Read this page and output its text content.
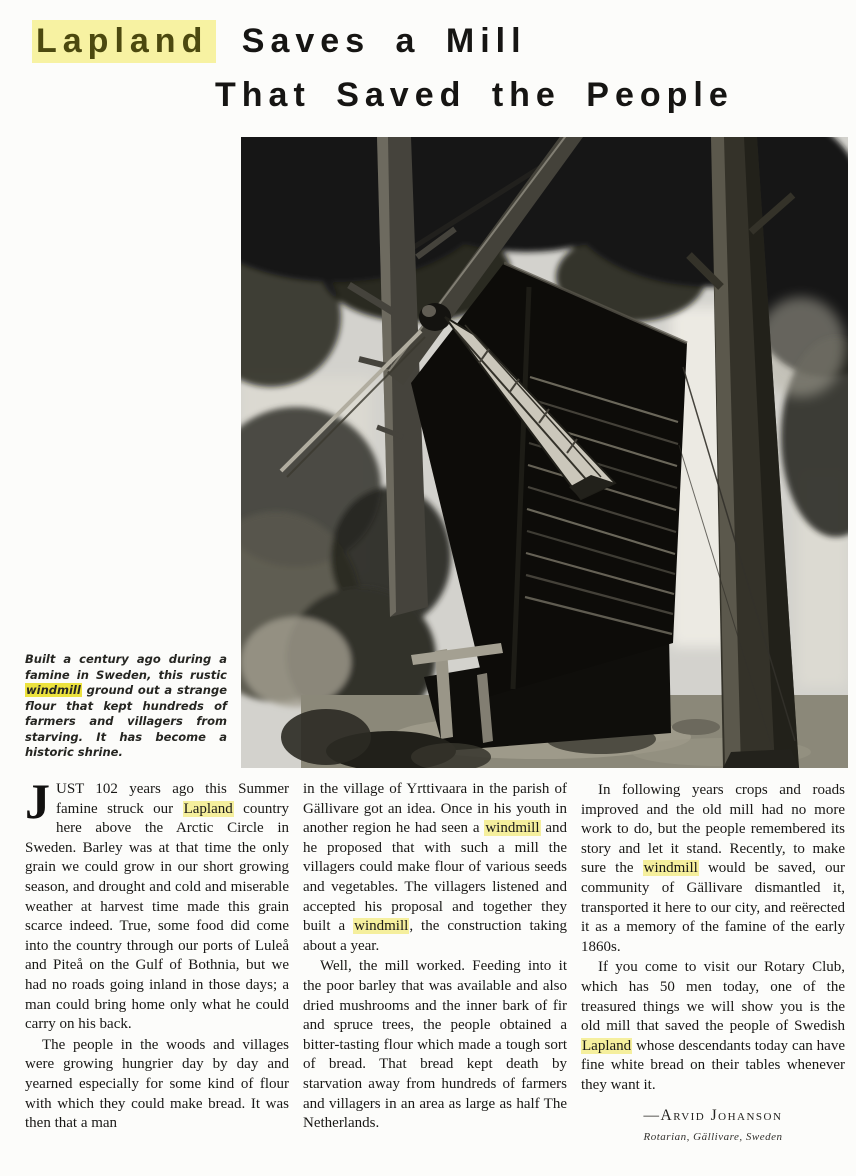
Lapland Saves a Mill
That Saved the People

Built a century ago during a famine in Sweden, this rustic windmill ground out a strange flour that kept hundreds of farmers and villagers from starving. It has become a historic shrine.

JUST 102 years ago this Summer famine struck our Lapland country here above the Arctic Circle in Sweden. Barley was at that time the only grain we could grow in our short growing season, and drought and cold and miserable weather at harvest time made this grain scarce indeed. True, some food did come into the country through our ports of Luleå and Piteå on the Gulf of Bothnia, but we had no roads going inland in those days; a man could bring home only what he could carry on his back.

The people in the woods and villages were growing hungrier day by day and yearned especially for some kind of flour with which they could make bread. It was then that a man

in the village of Yrttivaara in the parish of Gällivare got an idea. Once in his youth in another region he had seen a windmill and he proposed that with such a mill the villagers could make flour of various seeds and vegetables. The villagers listened and accepted his proposal and together they built a windmill, the construction taking about a year.

Well, the mill worked. Feeding into it the poor barley that was available and also dried mushrooms and the inner bark of fir and spruce trees, the people obtained a bitter-tasting flour which made a tough sort of bread. That bread kept death by starvation away from hundreds of farmers and villagers in an area as large as half The Netherlands.

In following years crops and roads improved and the old mill had no more work to do, but the people remembered its story and let it stand. Recently, to make sure the windmill would be saved, our community of Gällivare dismantled it, transported it here to our city, and reërected it as a memory of the famine of the early 1860s.

If you come to visit our Rotary Club, which has 50 men today, one of the treasured things we will show you is the old mill that saved the people of Swedish Lapland whose descendants today can have fine white bread on their tables whenever they want it.

—Arvid Johanson
Rotarian, Gällivare, Sweden
